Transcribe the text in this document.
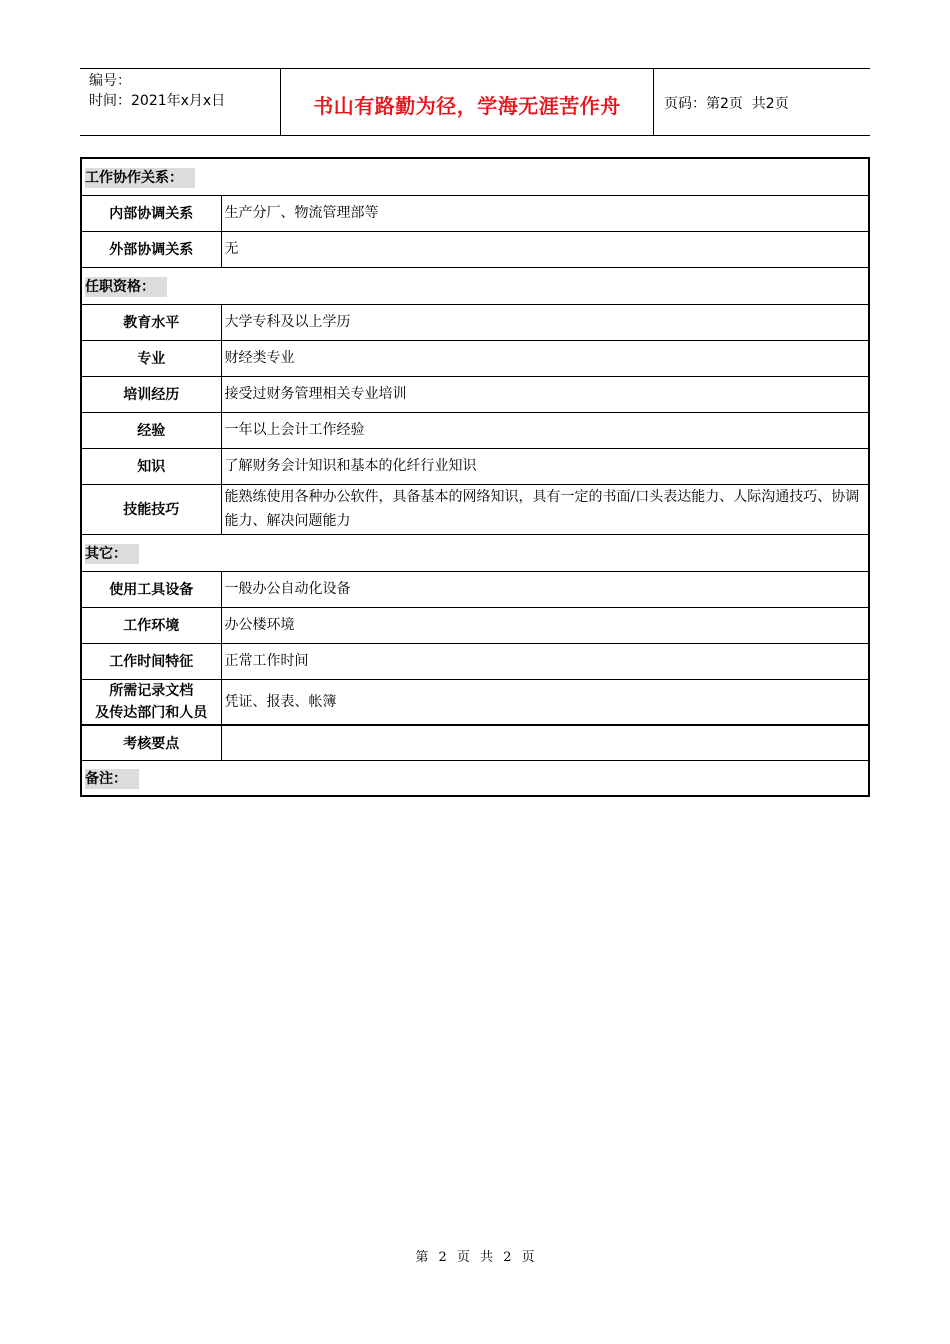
编号：
时间：2021年x月x日	书山有路勤为径，学海无涯苦作舟	页码：第2页  共2页
工作协作关系：	
内部协调关系	生产分厂、物流管理部等
外部协调关系	无
任职资格：	
教育水平	大学专科及以上学历
专业	财经类专业
培训经历	接受过财务管理相关专业培训
经验	一年以上会计工作经验
知识	了解财务会计知识和基本的化纤行业知识
技能技巧	能熟练使用各种办公软件，具备基本的网络知识，具有一定的书面/口头表达能力、人际沟通技巧、协调能力、解决问题能力
其它：	
使用工具设备	一般办公自动化设备
工作环境	办公楼环境
工作时间特征	正常工作时间

所需记录文档
及传达部门和人员	凭证、报表、帐簿
考核要点	
备注：	
第 2 页 共 2 页
